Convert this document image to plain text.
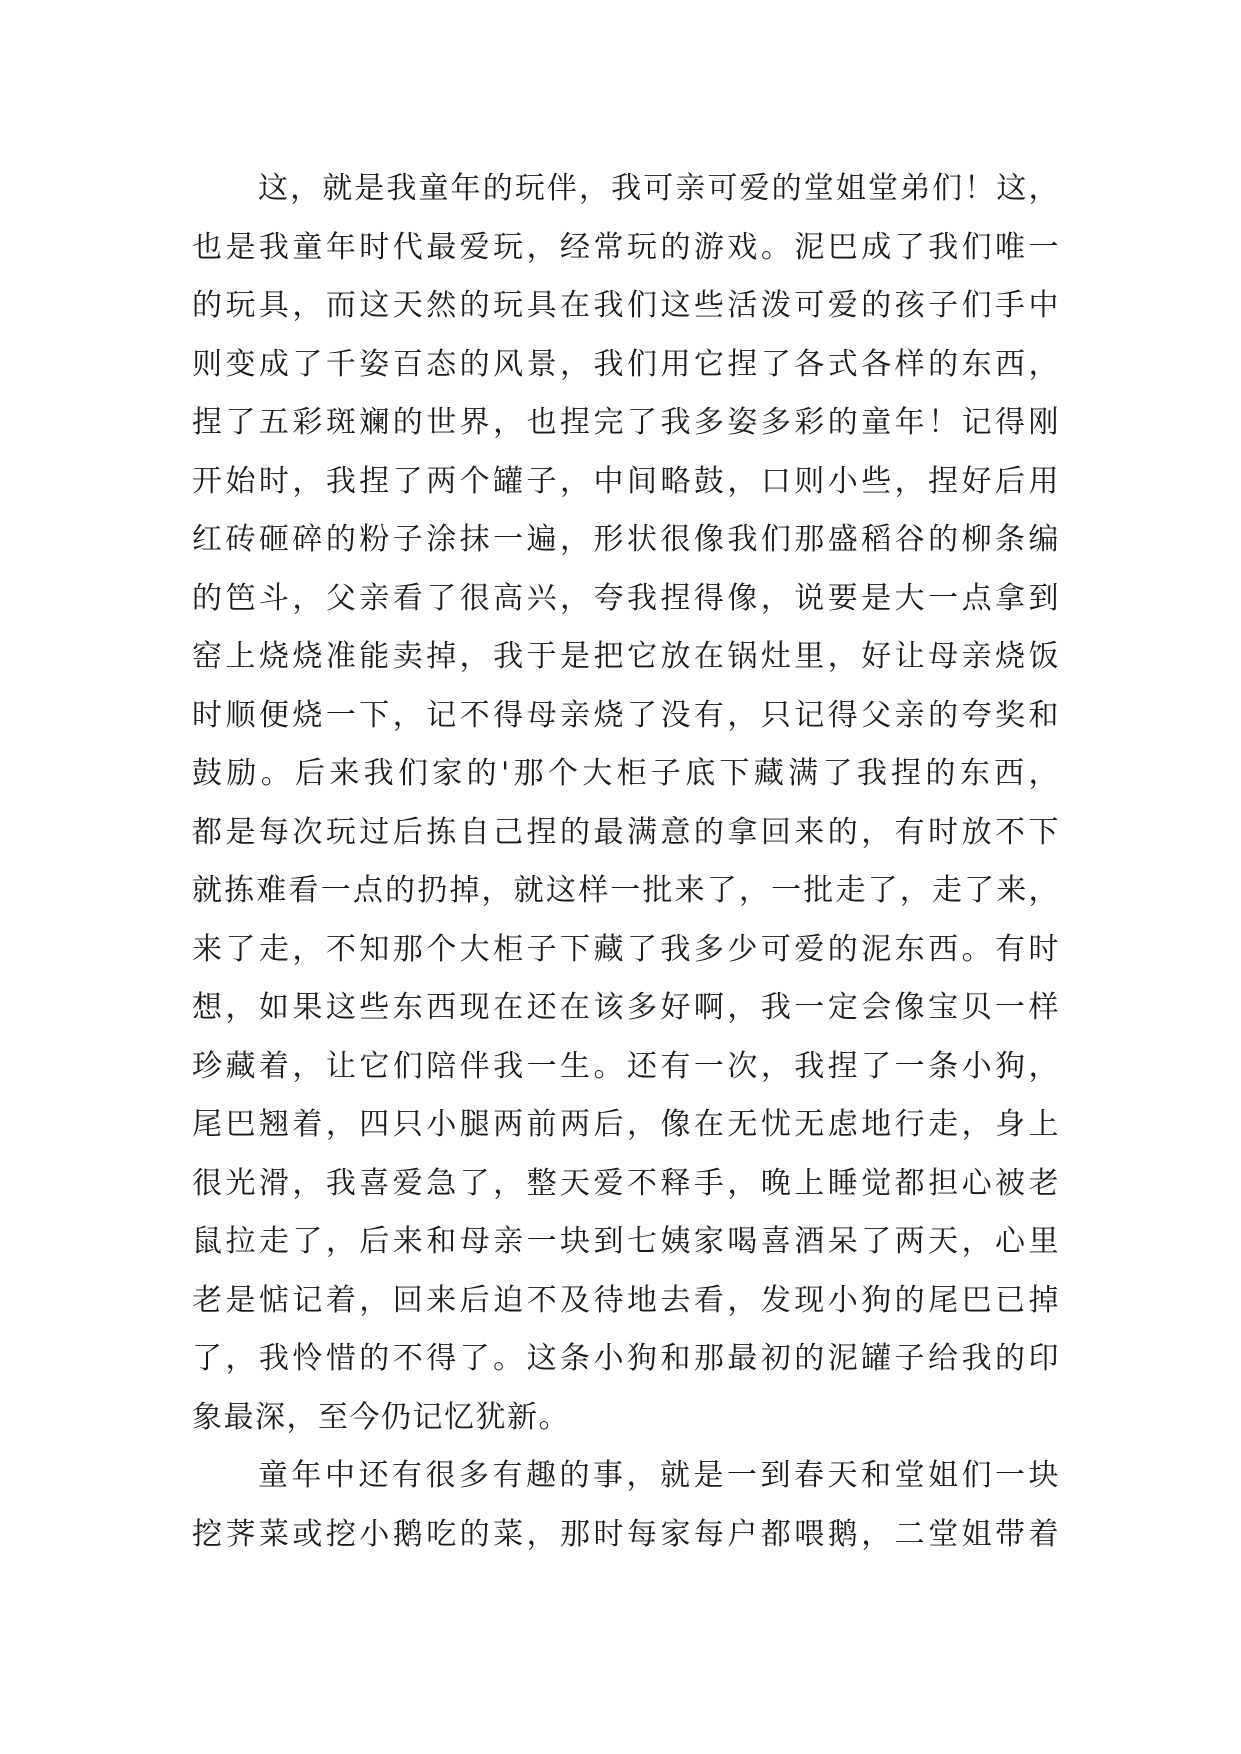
这，就是我童年的玩伴，我可亲可爱的堂姐堂弟们！这，
也是我童年时代最爱玩，经常玩的游戏。泥巴成了我们唯一
的玩具，而这天然的玩具在我们这些活泼可爱的孩子们手中
则变成了千姿百态的风景，我们用它捏了各式各样的东西，
捏了五彩斑斓的世界，也捏完了我多姿多彩的童年！记得刚
开始时，我捏了两个罐子，中间略鼓，口则小些，捏好后用
红砖砸碎的粉子涂抹一遍，形状很像我们那盛稻谷的柳条编
的笆斗，父亲看了很高兴，夸我捏得像，说要是大一点拿到
窑上烧烧准能卖掉，我于是把它放在锅灶里，好让母亲烧饭
时顺便烧一下，记不得母亲烧了没有，只记得父亲的夸奖和
鼓励。后来我们家的'那个大柜子底下藏满了我捏的东西，
都是每次玩过后拣自己捏的最满意的拿回来的，有时放不下
就拣难看一点的扔掉，就这样一批来了，一批走了，走了来，
来了走，不知那个大柜子下藏了我多少可爱的泥东西。有时
想，如果这些东西现在还在该多好啊，我一定会像宝贝一样
珍藏着，让它们陪伴我一生。还有一次，我捏了一条小狗，
尾巴翘着，四只小腿两前两后，像在无忧无虑地行走，身上
很光滑，我喜爱急了，整天爱不释手，晚上睡觉都担心被老
鼠拉走了，后来和母亲一块到七姨家喝喜酒呆了两天，心里
老是惦记着，回来后迫不及待地去看，发现小狗的尾巴已掉
了，我怜惜的不得了。这条小狗和那最初的泥罐子给我的印
象最深，至今仍记忆犹新。
童年中还有很多有趣的事，就是一到春天和堂姐们一块
挖荠菜或挖小鹅吃的菜，那时每家每户都喂鹅，二堂姐带着
